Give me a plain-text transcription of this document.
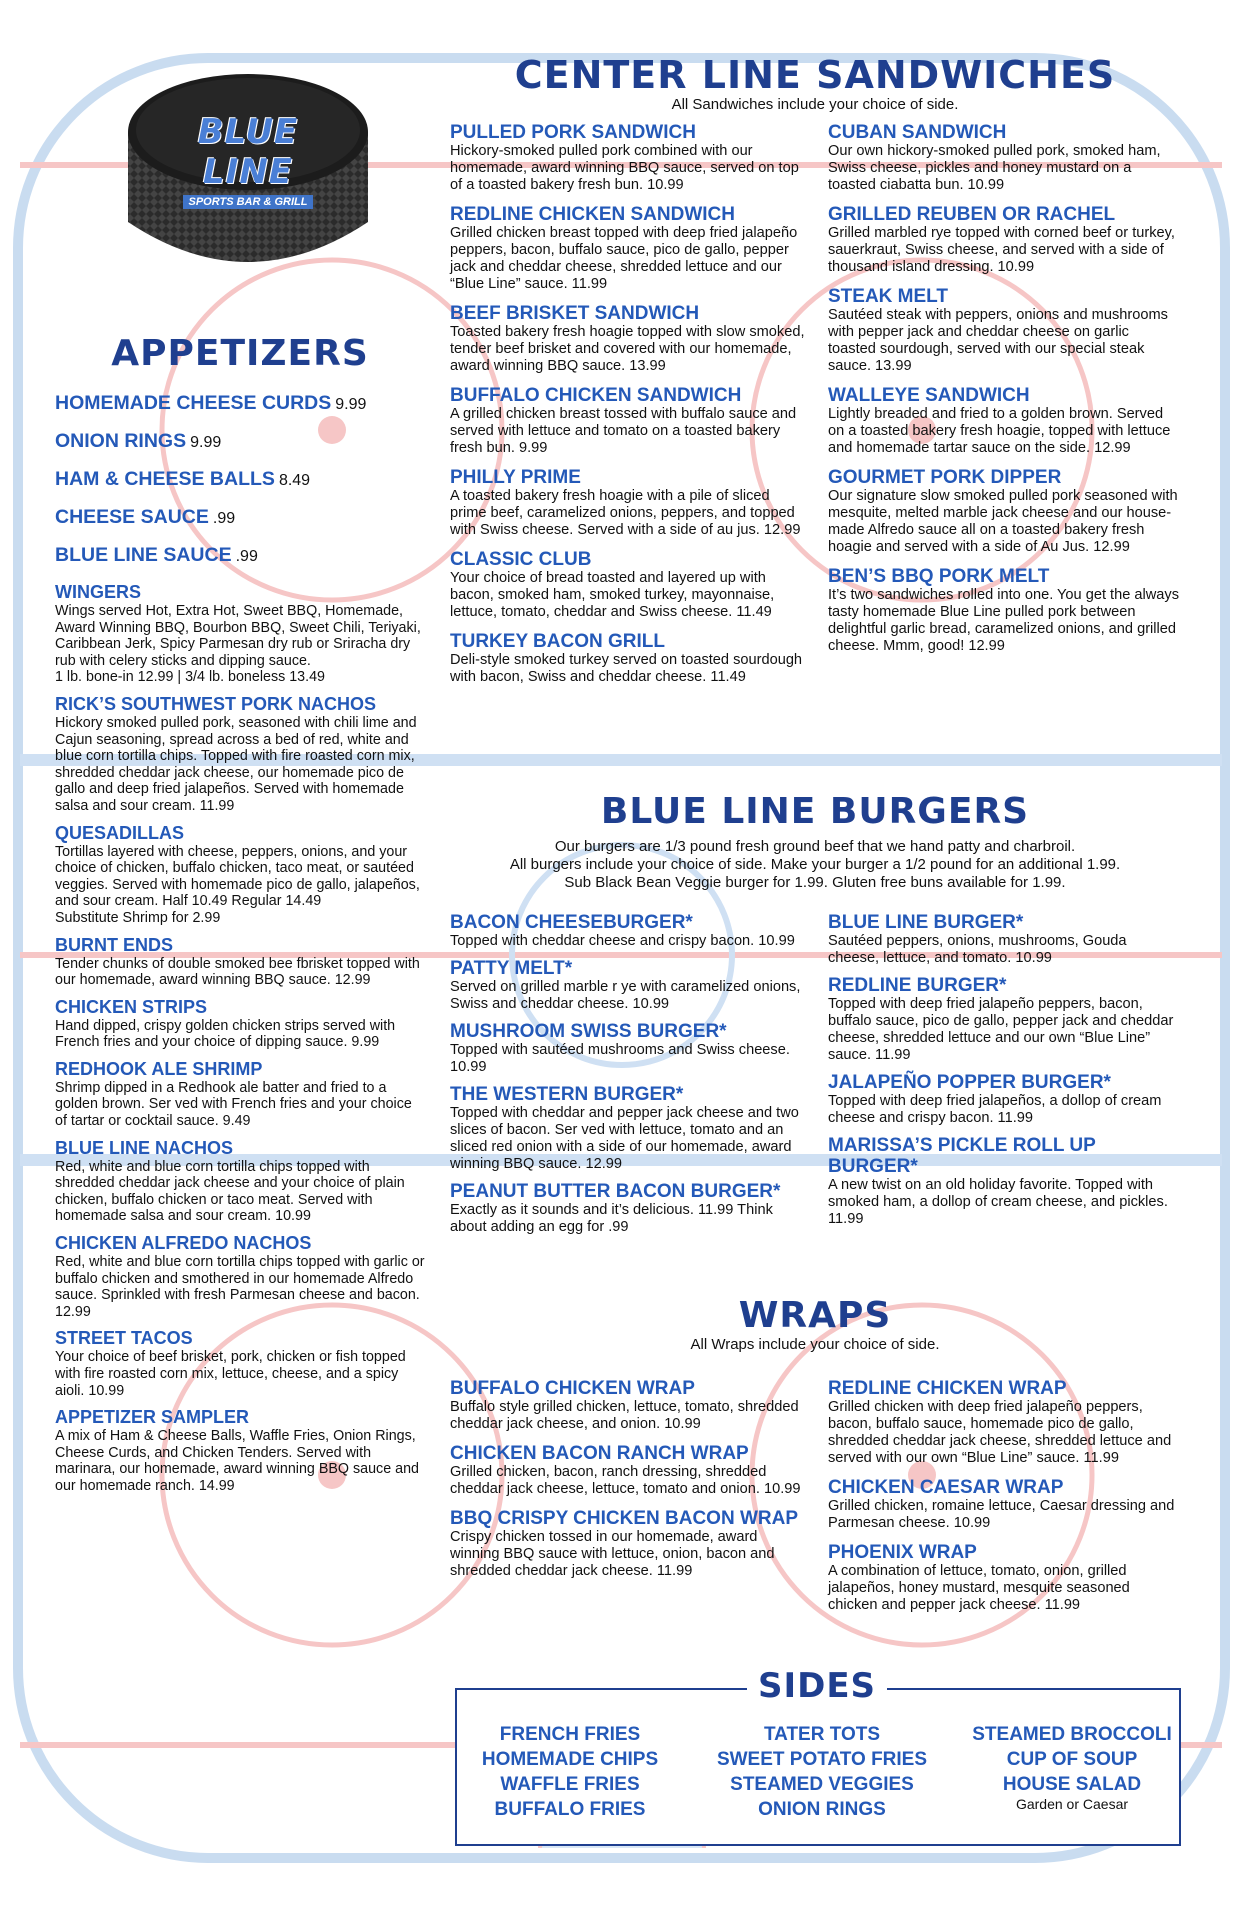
BLUE LINE
SPORTS BAR & GRILL
APPETIZERS
HOMEMADE CHEESE CURDS 9.99
ONION RINGS 9.99
HAM & CHEESE BALLS 8.49
CHEESE SAUCE .99
BLUE LINE SAUCE .99
WINGERS
Wings served Hot, Extra Hot, Sweet BBQ, Homemade, Award Winning BBQ, Bourbon BBQ, Sweet Chili, Teriyaki, Caribbean Jerk, Spicy Parmesan dry rub or Sriracha dry rub with celery sticks and dipping sauce.
1 lb. bone-in 12.99 | 3/4 lb. boneless 13.49
RICK’S SOUTHWEST PORK NACHOS
Hickory smoked pulled pork, seasoned with chili lime and Cajun seasoning, spread across a bed of red, white and blue corn tortilla chips. Topped with fire roasted corn mix, shredded cheddar jack cheese, our homemade pico de gallo and deep fried jalapeños. Served with homemade salsa and sour cream. 11.99
QUESADILLAS
Tortillas layered with cheese, peppers, onions, and your choice of chicken, buffalo chicken, taco meat, or sautéed veggies. Served with homemade pico de gallo, jalapeños, and sour cream. Half 10.49 Regular 14.49
Substitute Shrimp for 2.99
BURNT ENDS
Tender chunks of double smoked bee fbrisket topped with our homemade, award winning BBQ sauce. 12.99
CHICKEN STRIPS
Hand dipped, crispy golden chicken strips served with French fries and your choice of dipping sauce. 9.99
REDHOOK ALE SHRIMP
Shrimp dipped in a Redhook ale batter and fried to a golden brown. Ser ved with French fries and your choice of tartar or cocktail sauce. 9.49
BLUE LINE NACHOS
Red, white and blue corn tortilla chips topped with shredded cheddar jack cheese and your choice of plain chicken, buffalo chicken or taco meat. Served with homemade salsa and sour cream. 10.99
CHICKEN ALFREDO NACHOS
Red, white and blue corn tortilla chips topped with garlic or buffalo chicken and smothered in our homemade Alfredo sauce. Sprinkled with fresh Parmesan cheese and bacon. 12.99
STREET TACOS
Your choice of beef brisket, pork, chicken or fish topped with fire roasted corn mix, lettuce, cheese, and a spicy aioli. 10.99
APPETIZER SAMPLER
A mix of Ham & Cheese Balls, Waffle Fries, Onion Rings, Cheese Curds, and Chicken Tenders. Served with marinara, our homemade, award winning BBQ sauce and our homemade ranch. 14.99
CENTER LINE SANDWICHES
All Sandwiches include your choice of side.
PULLED PORK SANDWICH
Hickory-smoked pulled pork combined with our homemade, award winning BBQ sauce, served on top of a toasted bakery fresh bun. 10.99
REDLINE CHICKEN SANDWICH
Grilled chicken breast topped with deep fried jalapeño peppers, bacon, buffalo sauce, pico de gallo, pepper jack and cheddar cheese, shredded lettuce and our “Blue Line” sauce. 11.99
BEEF BRISKET SANDWICH
Toasted bakery fresh hoagie topped with slow smoked, tender beef brisket and covered with our homemade, award winning BBQ sauce. 13.99
BUFFALO CHICKEN SANDWICH
A grilled chicken breast tossed with buffalo sauce and served with lettuce and tomato on a toasted bakery fresh bun. 9.99
PHILLY PRIME
A toasted bakery fresh hoagie with a pile of sliced prime beef, caramelized onions, peppers, and topped with Swiss cheese. Served with a side of au jus. 12.99
CLASSIC CLUB
Your choice of bread toasted and layered up with bacon, smoked ham, smoked turkey, mayonnaise, lettuce, tomato, cheddar and Swiss cheese. 11.49
TURKEY BACON GRILL
Deli-style smoked turkey served on toasted sourdough with bacon, Swiss and cheddar cheese. 11.49
CUBAN SANDWICH
Our own hickory-smoked pulled pork, smoked ham, Swiss cheese, pickles and honey mustard on a toasted ciabatta bun. 10.99
GRILLED REUBEN OR RACHEL
Grilled marbled rye topped with corned beef or turkey, sauerkraut, Swiss cheese, and served with a side of thousand island dressing. 10.99
STEAK MELT
Sautéed steak with peppers, onions and mushrooms with pepper jack and cheddar cheese on garlic toasted sourdough, served with our special steak sauce. 13.99
WALLEYE SANDWICH
Lightly breaded and fried to a golden brown. Served on a toasted bakery fresh hoagie, topped with lettuce and homemade tartar sauce on the side. 12.99
GOURMET PORK DIPPER
Our signature slow smoked pulled pork seasoned with mesquite, melted marble jack cheese and our house-made Alfredo sauce all on a toasted bakery fresh hoagie and served with a side of Au Jus. 12.99
BEN’S BBQ PORK MELT
It’s two sandwiches rolled into one. You get the always tasty homemade Blue Line pulled pork between delightful garlic bread, caramelized onions, and grilled cheese. Mmm, good! 12.99
BLUE LINE BURGERS
Our burgers are 1/3 pound fresh ground beef that we hand patty and charbroil.
All burgers include your choice of side. Make your burger a 1/2 pound for an additional 1.99.
Sub Black Bean Veggie burger for 1.99. Gluten free buns available for 1.99.
BACON CHEESEBURGER*
Topped with cheddar cheese and crispy bacon. 10.99
PATTY MELT*
Served on grilled marble r ye with caramelized onions, Swiss and cheddar cheese. 10.99
MUSHROOM SWISS BURGER*
Topped with sautéed mushrooms and Swiss cheese. 10.99
THE WESTERN BURGER*
Topped with cheddar and pepper jack cheese and two slices of bacon. Ser ved with lettuce, tomato and an sliced red onion with a side of our homemade, award winning BBQ sauce. 12.99
PEANUT BUTTER BACON BURGER*
Exactly as it sounds and it’s delicious. 11.99 Think about adding an egg for .99
BLUE LINE BURGER*
Sautéed peppers, onions, mushrooms, Gouda cheese, lettuce, and tomato. 10.99
REDLINE BURGER*
Topped with deep fried jalapeño peppers, bacon, buffalo sauce, pico de gallo, pepper jack and cheddar cheese, shredded lettuce and our own “Blue Line” sauce. 11.99
JALAPEÑO POPPER BURGER*
Topped with deep fried jalapeños, a dollop of cream cheese and crispy bacon. 11.99
MARISSA’S PICKLE ROLL UP BURGER*
A new twist on an old holiday favorite. Topped with smoked ham, a dollop of cream cheese, and pickles. 11.99
WRAPS
All Wraps include your choice of side.
BUFFALO CHICKEN WRAP
Buffalo style grilled chicken, lettuce, tomato, shredded cheddar jack cheese, and onion. 10.99
CHICKEN BACON RANCH WRAP
Grilled chicken, bacon, ranch dressing, shredded cheddar jack cheese, lettuce, tomato and onion. 10.99
BBQ CRISPY CHICKEN BACON WRAP
Crispy chicken tossed in our homemade, award winning BBQ sauce with lettuce, onion, bacon and shredded cheddar jack cheese. 11.99
REDLINE CHICKEN WRAP
Grilled chicken with deep fried jalapeño peppers, bacon, buffalo sauce, homemade pico de gallo, shredded cheddar jack cheese, shredded lettuce and served with our own “Blue Line” sauce. 11.99
CHICKEN CAESAR WRAP
Grilled chicken, romaine lettuce, Caesar dressing and Parmesan cheese. 10.99
PHOENIX WRAP
A combination of lettuce, tomato, onion, grilled jalapeños, honey mustard, mesquite seasoned chicken and pepper jack cheese. 11.99
SIDES
FRENCH FRIES
HOMEMADE CHIPS
WAFFLE FRIES
BUFFALO FRIES
TATER TOTS
SWEET POTATO FRIES
STEAMED VEGGIES
ONION RINGS
STEAMED BROCCOLI
CUP OF SOUP
HOUSE SALAD
Garden or Caesar
